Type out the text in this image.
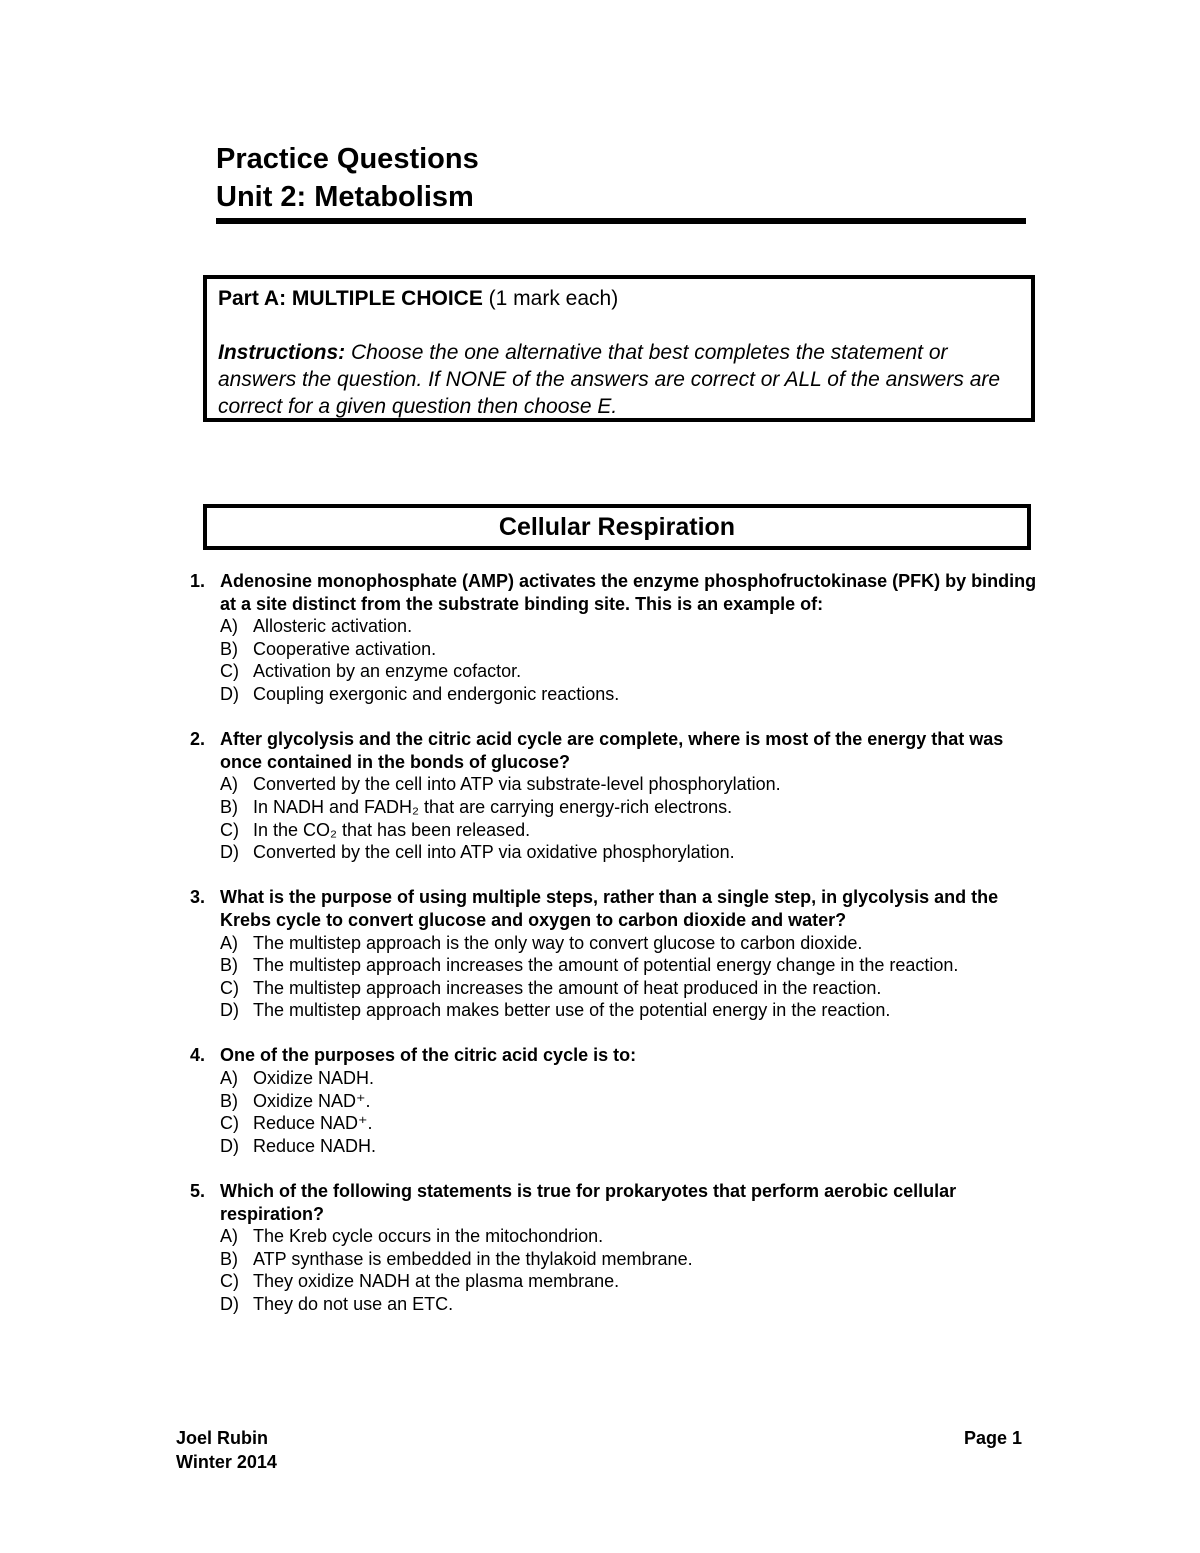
Practice Questions
Unit 2: Metabolism
Part A: MULTIPLE CHOICE (1 mark each)
Instructions: Choose the one alternative that best completes the statement or answers the question. If NONE of the answers are correct or ALL of the answers are correct for a given question then choose E.
Cellular Respiration
1. Adenosine monophosphate (AMP) activates the enzyme phosphofructokinase (PFK) by binding at a site distinct from the substrate binding site. This is an example of:
A) Allosteric activation.
B) Cooperative activation.
C) Activation by an enzyme cofactor.
D) Coupling exergonic and endergonic reactions.
2. After glycolysis and the citric acid cycle are complete, where is most of the energy that was once contained in the bonds of glucose?
A) Converted by the cell into ATP via substrate-level phosphorylation.
B) In NADH and FADH₂ that are carrying energy-rich electrons.
C) In the CO₂ that has been released.
D) Converted by the cell into ATP via oxidative phosphorylation.
3. What is the purpose of using multiple steps, rather than a single step, in glycolysis and the Krebs cycle to convert glucose and oxygen to carbon dioxide and water?
A) The multistep approach is the only way to convert glucose to carbon dioxide.
B) The multistep approach increases the amount of potential energy change in the reaction.
C) The multistep approach increases the amount of heat produced in the reaction.
D) The multistep approach makes better use of the potential energy in the reaction.
4. One of the purposes of the citric acid cycle is to:
A) Oxidize NADH.
B) Oxidize NAD⁺.
C) Reduce NAD⁺.
D) Reduce NADH.
5. Which of the following statements is true for prokaryotes that perform aerobic cellular respiration?
A) The Kreb cycle occurs in the mitochondrion.
B) ATP synthase is embedded in the thylakoid membrane.
C) They oxidize NADH at the plasma membrane.
D) They do not use an ETC.
Joel Rubin
Winter 2014
Page 1
